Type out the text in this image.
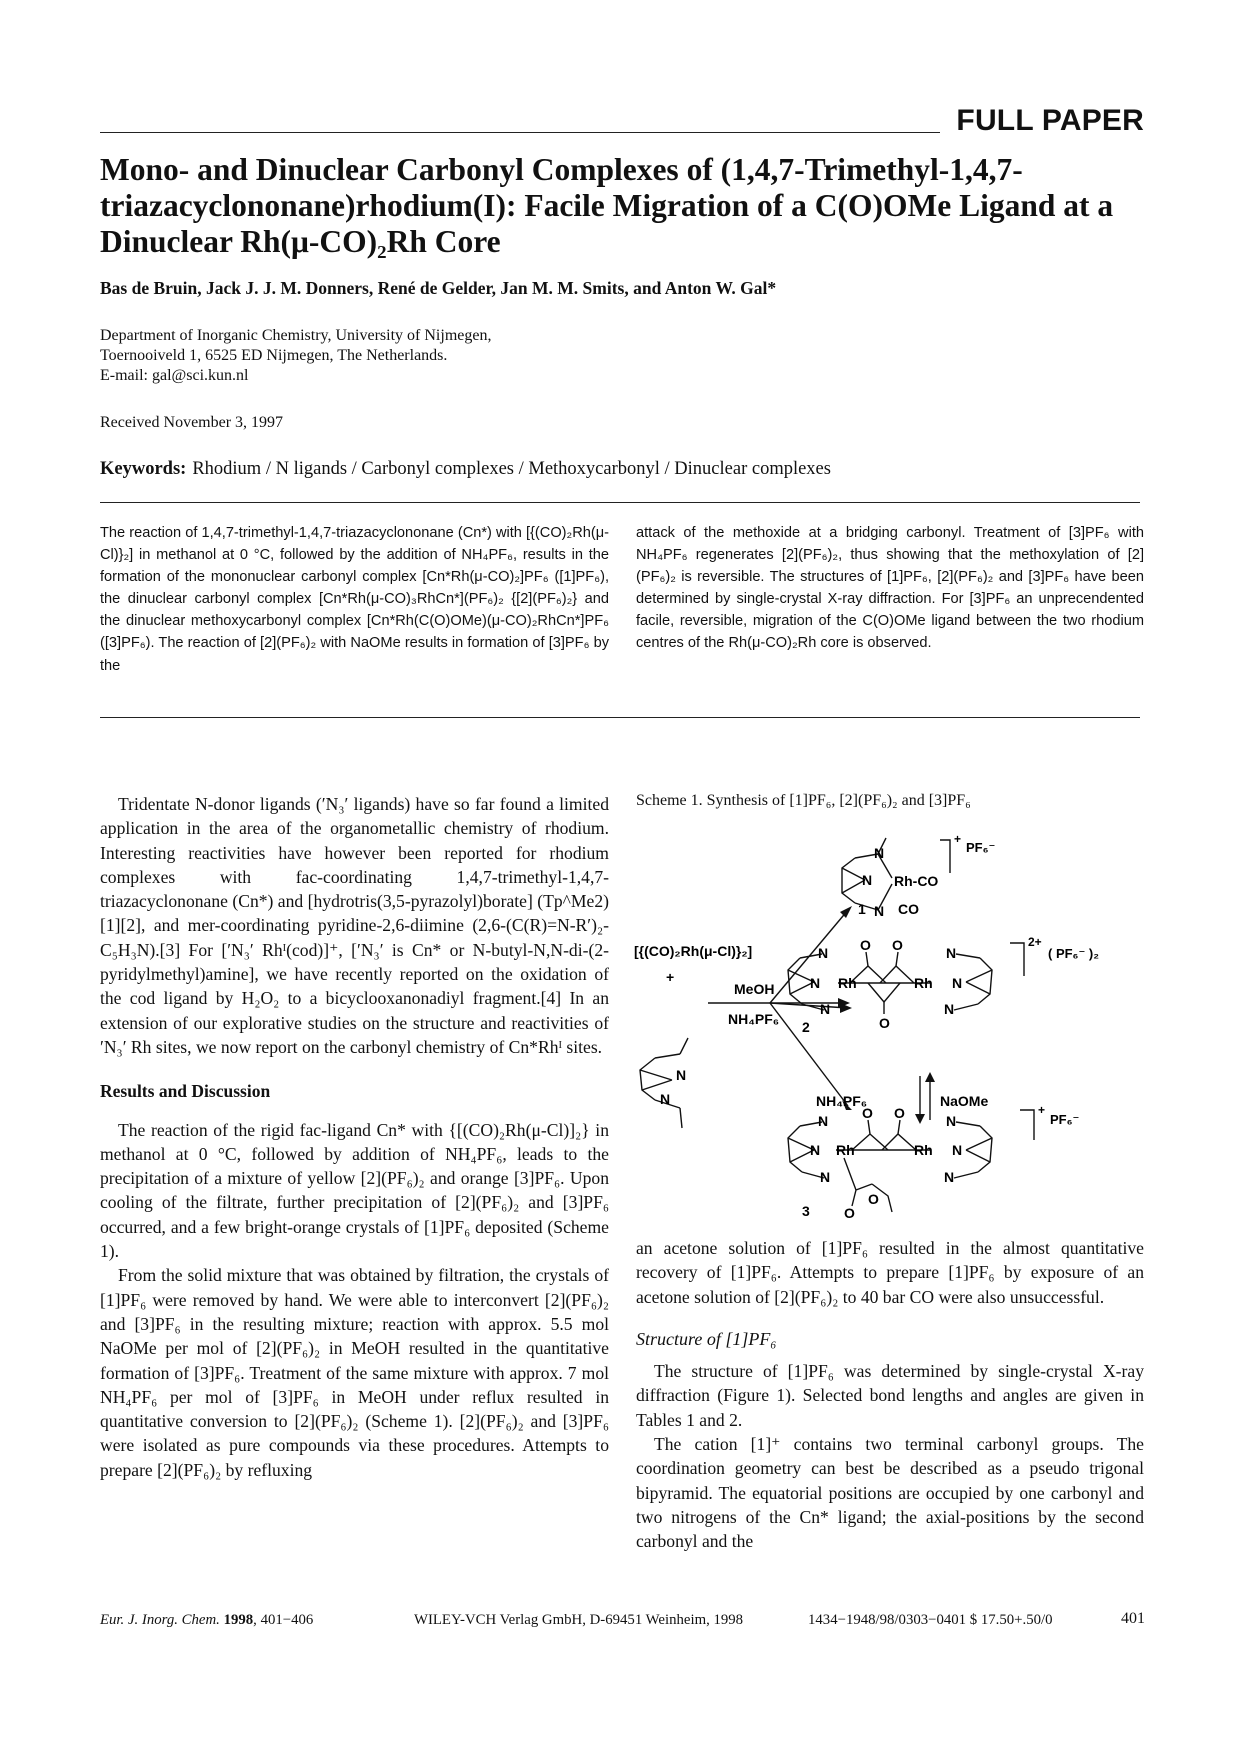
FULL PAPER
Mono- and Dinuclear Carbonyl Complexes of (1,4,7-Trimethyl-1,4,7-triazacyclononane)rhodium(I): Facile Migration of a C(O)OMe Ligand at a Dinuclear Rh(μ-CO)₂Rh Core
Bas de Bruin, Jack J. J. M. Donners, René de Gelder, Jan M. M. Smits, and Anton W. Gal*
Department of Inorganic Chemistry, University of Nijmegen,
Toernooiveld 1, 6525 ED Nijmegen, The Netherlands.
E-mail: gal@sci.kun.nl
Received November 3, 1997
Keywords: Rhodium / N ligands / Carbonyl complexes / Methoxycarbonyl / Dinuclear complexes
The reaction of 1,4,7-trimethyl-1,4,7-triazacyclononane (Cn*) with [{(CO)₂Rh(μ-Cl)}₂] in methanol at 0 °C, followed by the addition of NH₄PF₆, results in the formation of the mononuclear carbonyl complex [Cn*Rh(μ-CO)₂]PF₆ ([1]PF₆), the dinuclear carbonyl complex [Cn*Rh(μ-CO)₃RhCn*](PF₆)₂ {[2](PF₆)₂} and the dinuclear methoxycarbonyl complex [Cn*Rh(C(O)OMe)(μ-CO)₂RhCn*]PF₆ ([3]PF₆). The reaction of [2](PF₆)₂ with NaOMe results in formation of [3]PF₆ by the
attack of the methoxide at a bridging carbonyl. Treatment of [3]PF₆ with NH₄PF₆ regenerates [2](PF₆)₂, thus showing that the methoxylation of [2](PF₆)₂ is reversible. The structures of [1]PF₆, [2](PF₆)₂ and [3]PF₆ have been determined by single-crystal X-ray diffraction. For [3]PF₆ an unprecendented facile, reversible, migration of the C(O)OMe ligand between the two rhodium centres of the Rh(μ-CO)₂Rh core is observed.

Tridentate N-donor ligands (′N₃′ ligands) have so far found a limited application in the area of the organometallic chemistry of rhodium. Interesting reactivities have however been reported for rhodium complexes with fac-coordinating 1,4,7-trimethyl-1,4,7-triazacyclononane (Cn*) and [hydrotris(3,5-pyrazolyl)borate] (Tp^Me2) [1][2], and mer-coordinating pyridine-2,6-diimine (2,6-(C(R)=N-R′)₂-C₅H₃N).[3] For [′N₃′ Rhᴵ(cod)]⁺, [′N₃′ is Cn* or N-butyl-N,N-di-(2-pyridylmethyl)amine], we have recently reported on the oxidation of the cod ligand by H₂O₂ to a bicyclooxanonadiyl fragment.[4] In an extension of our explorative studies on the structure and reactivities of ′N₃′ Rh sites, we now report on the carbonyl chemistry of Cn*Rhᴵ sites.

Results and Discussion

The reaction of the rigid fac-ligand Cn* with {[(CO)₂Rh(μ-Cl)]₂} in methanol at 0 °C, followed by addition of NH₄PF₆, leads to the precipitation of a mixture of yellow [2](PF₆)₂ and orange [3]PF₆. Upon cooling of the filtrate, further precipitation of [2](PF₆)₂ and [3]PF₆ occurred, and a few bright-orange crystals of [1]PF₆ deposited (Scheme 1).

From the solid mixture that was obtained by filtration, the crystals of [1]PF₆ were removed by hand. We were able to interconvert [2](PF₆)₂ and [3]PF₆ in the resulting mixture; reaction with approx. 5.5 mol NaOMe per mol of [2](PF₆)₂ in MeOH resulted in the quantitative formation of [3]PF₆. Treatment of the same mixture with approx. 7 mol NH₄PF₆ per mol of [3]PF₆ in MeOH under reflux resulted in quantitative conversion to [2](PF₆)₂ (Scheme 1). [2](PF₆)₂ and [3]PF₆ were isolated as pure compounds via these procedures. Attempts to prepare [2](PF₆)₂ by refluxing

Scheme 1. Synthesis of [1]PF₆, [2](PF₆)₂ and [3]PF₆
[{(CO)₂Rh(μ-Cl)}₂]
+
MeOH
NH₄PF₆
N
N
N
N
N
Rh-CO
CO
1
+
PF₆⁻
N
N
N
Rh	Rh
N
N
N
O O
O
2
2+
( PF₆⁻ )₂
NH₄PF₆	NaOMe
N
N
N
Rh	Rh
N
N
N
O O
O
O
3
+
PF₆⁻

an acetone solution of [1]PF₆ resulted in the almost quantitative recovery of [1]PF₆. Attempts to prepare [1]PF₆ by exposure of an acetone solution of [2](PF₆)₂ to 40 bar CO were also unsuccessful.

Structure of [1]PF₆

The structure of [1]PF₆ was determined by single-crystal X-ray diffraction (Figure 1). Selected bond lengths and angles are given in Tables 1 and 2.

The cation [1]⁺ contains two terminal carbonyl groups. The coordination geometry can best be described as a pseudo trigonal bipyramid. The equatorial positions are occupied by one carbonyl and two nitrogens of the Cn* ligand; the axial-positions by the second carbonyl and the

Eur. J. Inorg. Chem. 1998, 401−406	WILEY-VCH Verlag GmbH, D-69451 Weinheim, 1998	1434−1948/98/0303−0401 $ 17.50+.50/0	401
